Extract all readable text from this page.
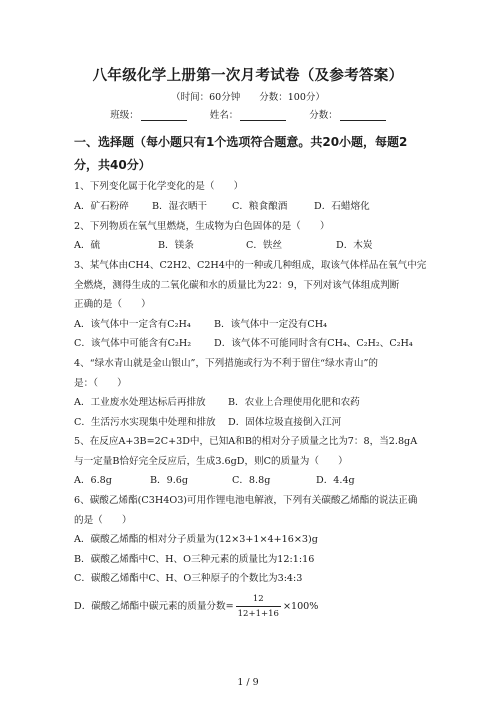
八年级化学上册第一次月考试卷（及参考答案）
（时间：60分钟 分数：100分）
班级：	姓名：	分数：
一、选择题（每小题只有1个选项符合题意。共20小题，每题2分，共40分）
1、下列变化属于化学变化的是（　　）
A．矿石粉碎 B．湿衣晒干	C．粮食酿酒	D．石蜡熔化
2、下列物质在氧气里燃烧，生成物为白色固体的是（　　）
A．硫	B．镁条	C．铁丝	D．木炭
3、某气体由CH4、C2H2、C2H4中的一种或几种组成，取该气体样品在氧气中完
全燃烧，测得生成的二氧化碳和水的质量比为22：9，下列对该气体组成判断
正确的是（　　）
A．该气体中一定含有C₂H₄ B．该气体中一定没有CH₄
C．该气体中可能含有C₂H₂ D．该气体不可能同时含有CH₄、C₂H₂、C₂H₄
4、“绿水青山就是金山银山”，下列措施或行为不利于留住“绿水青山”的
是：（　　）
A．工业废水处理达标后再排放 B．农业上合理使用化肥和农药
C．生活污水实现集中处理和排放 D．固体垃圾直接倒入江河
5、在反应A+3B=2C+3D中，已知A和B的相对分子质量之比为7：8，当2.8gA
与一定量B恰好完全反应后，生成3.6gD，则C的质量为（　　）
A．6.8g	B．9.6g	C．8.8g	D．4.4g
6、碳酸乙烯酯(C3H4O3)可用作锂电池电解液，下列有关碳酸乙烯酯的说法正确
的是（　　）
A．碳酸乙烯酯的相对分子质量为(12×3+1×4+16×3)g
B．碳酸乙烯酯中C、H、O三种元素的质量比为12:1:16
C．碳酸乙烯酯中C、H、O三种原子的个数比为3:4:3
D．碳酸乙烯酯中碳元素的质量分数= $\frac{12}{12+1+16} \times 100\%$
1 / 9
